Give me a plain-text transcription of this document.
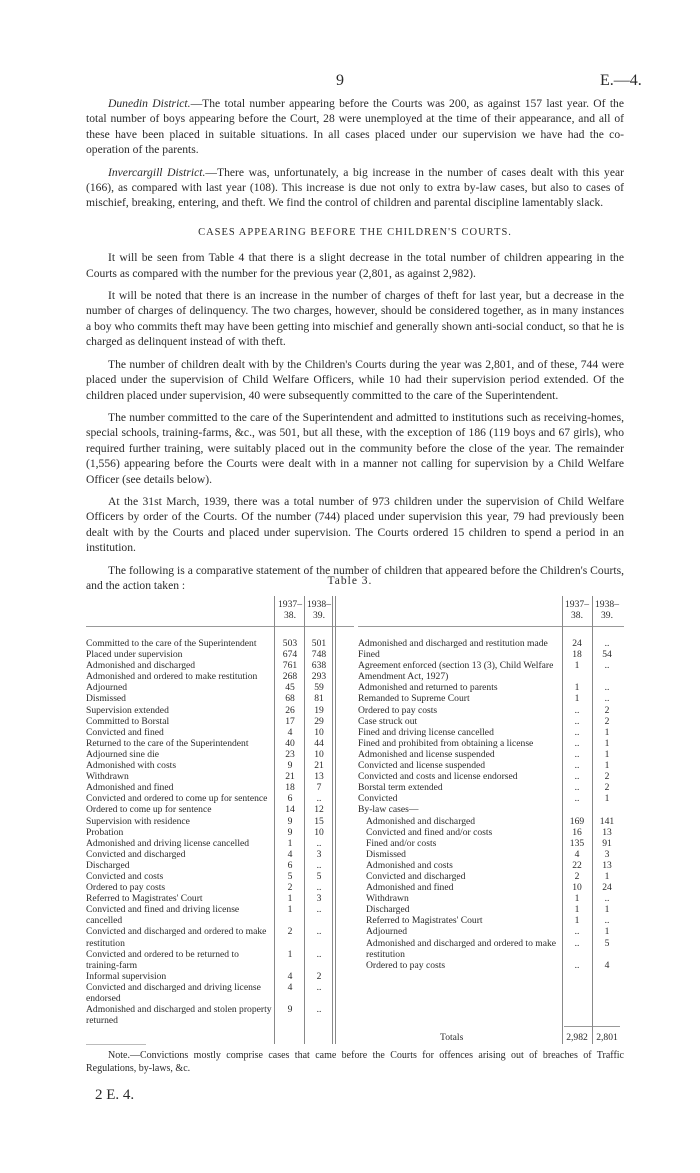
9	E.—4.

Dunedin District.—The total number appearing before the Courts was 200, as against 157 last year. Of the total number of boys appearing before the Court, 28 were unemployed at the time of their appearance, and all of these have been placed in suitable situations. In all cases placed under our supervision we have had the co-operation of the parents.

Invercargill District.—There was, unfortunately, a big increase in the number of cases dealt with this year (166), as compared with last year (108). This increase is due not only to extra by-law cases, but also to cases of mischief, breaking, entering, and theft. We find the control of children and parental discipline lamentably slack.

CASES APPEARING BEFORE THE CHILDREN'S COURTS.

It will be seen from Table 4 that there is a slight decrease in the total number of children appearing in the Courts as compared with the number for the previous year (2,801, as against 2,982).

It will be noted that there is an increase in the number of charges of theft for last year, but a decrease in the number of charges of delinquency. The two charges, however, should be considered together, as in many instances a boy who commits theft may have been getting into mischief and generally shown anti-social conduct, so that he is charged as delinquent instead of with theft.

The number of children dealt with by the Children's Courts during the year was 2,801, and of these, 744 were placed under the supervision of Child Welfare Officers, while 10 had their supervision period extended. Of the children placed under supervision, 40 were subsequently committed to the care of the Superintendent.

The number committed to the care of the Superintendent and admitted to institutions such as receiving-homes, special schools, training-farms, &c., was 501, but all these, with the exception of 186 (119 boys and 67 girls), who required further training, were suitably placed out in the community before the close of the year. The remainder (1,556) appearing before the Courts were dealt with in a manner not calling for supervision by a Child Welfare Officer (see details below).

At the 31st March, 1939, there was a total number of 973 children under the supervision of Child Welfare Officers by order of the Courts. Of the number (744) placed under supervision this year, 79 had previously been dealt with by the Courts and placed under supervision. The Courts ordered 15 children to spend a period in an institution.

The following is a comparative statement of the number of children that appeared before the Children's Courts, and the action taken :	Table 3.
1937–38.
1938–39.
Committed to the care of the Superintendent	503	501
Placed under supervision	674	748
Admonished and discharged	761	638
Admonished and ordered to make restitution	268	293
Adjourned	45	59
Dismissed	68	81
Supervision extended	26	19
Committed to Borstal	17	29
Convicted and fined	4	10
Returned to the care of the Superintendent	40	44
Adjourned sine die	23	10
Admonished with costs	9	21
Withdrawn	21	13
Admonished and fined	18	7
Convicted and ordered to come up for sentence	6	..
Ordered to come up for sentence	14	12
Supervision with residence	9	15
Probation	9	10
Admonished and driving license cancelled	1	..
Convicted and discharged	4	3
Discharged	6	..
Convicted and costs	5	5
Ordered to pay costs	2	..
Referred to Magistrates' Court	1	3
Convicted and fined and driving license cancelled
1	..
Convicted and discharged and ordered to make restitution
2	..
Convicted and ordered to be returned to training-farm
1	..
Informal supervision	4	2
Convicted and discharged and driving license endorsed
4	..
Admonished and discharged and stolen property returned
9	..
1937–38.
1938–39.
Admonished and discharged and restitution made	24	..
Fined	18	54
Agreement enforced (section 13 (3), Child Welfare Amendment Act, 1927)
1	..
Admonished and returned to parents	1	..
Remanded to Supreme Court	1	..
Ordered to pay costs	..	2
Case struck out	..	2
Fined and driving license cancelled	..	1
Fined and prohibited from obtaining a license	..	1
Admonished and license suspended	..	1
Convicted and license suspended	..	1
Convicted and costs and license endorsed	..	2
Borstal term extended	..	2
Convicted	..	1
By-law cases—
Admonished and discharged	169	141
Convicted and fined and/or costs	16	13
Fined and/or costs	135	91
Dismissed	4	3
Admonished and costs	22	13
Convicted and discharged	2	1
Admonished and fined	10	24
Withdrawn	1	..
Discharged	1	1
Referred to Magistrates' Court	1	..
Adjourned	..	1
Admonished and discharged and ordered to make restitution
..	5
Ordered to pay costs	..	4
Totals	2,982 2,801
Note.—Convictions mostly comprise cases that came before the Courts for offences arising out of breaches of Traffic Regulations, by-laws, &c.
2 E. 4.
